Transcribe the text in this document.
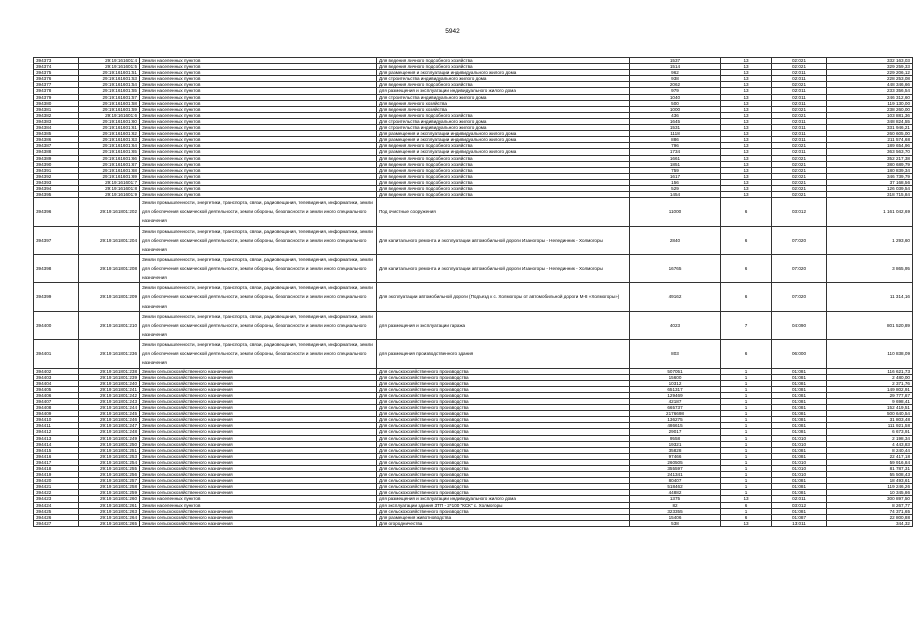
5942
394373	29:19:161601:4	Земли населенных пунктов	Для ведения личного подсобного хозяйства	1537	13	02:021	332 163,03
394374	29:19:161601:5	Земли населенных пунктов	Для ведения личного подсобного хозяйства	1514	13	02:021	329 259,33
394375	29:19:161601:51	Земли населенных пунктов	Для размещения и эксплуатации индивидуального жилого дома	962	13	02:011	229 206,12
394376	29:19:161601:53	Земли населенных пунктов	Для строительства индивидуального жилого дома	938	13	02:011	228 253,08
394377	29:19:161601:54	Земли населенных пунктов	Для ведения личного подсобного хозяйства	2062	13	02:021	448 346,66
394378	29:19:161601:55	Земли населенных пунктов	для размещения и эксплуатации индивидуального жилого дома	979	13	02:011	233 356,54
394379	29:19:161601:57	Земли населенных пунктов	Для строительства индивидуального жилого дома	1040	13	02:011	246 312,60
394380	29:19:161601:58	Земли населенных пунктов	Для ведения личного хозяйства	500	13	02:011	119 130,00
394381	29:19:161601:59	Земли населенных пунктов	Для ведения личного хозяйства	1000	13	02:021	238 260,00
394382	29:19:161601:6	Земли населенных пунктов	Для ведения личного подсобного хозяйства	436	13	02:021	103 881,36
394383	29:19:161601:60	Земли населенных пунктов	Для строительства индивидуального жилого дома	1645	13	02:011	348 824,55
394384	29:19:161601:61	Земли населенных пунктов	Для строительства индивидуального жилого дома	1531	13	02:011	331 946,21
394385	29:19:161601:62	Земли населенных пунктов	Для размещения и эксплуатации индивидуального жилого дома	1118	13	02:011	260 605,00
394386	29:19:161601:63	Земли населенных пунктов	Для размещения и эксплуатации индивидуального жилого дома	886	13	02:011	211 574,68
394387	29:19:161601:64	Земли населенных пунктов	Для ведения личного подсобного хозяйства	796	13	02:021	189 654,96
394388	29:19:161601:65	Земли населенных пунктов	Для размещения и эксплуатации индивидуального жилого дома	1734	13	02:011	363 563,70
394389	29:19:161601:66	Земли населенных пунктов	Для ведения личного подсобного хозяйства	1661	13	02:021	352 217,38
394390	29:19:161601:67	Земли населенных пунктов	Для ведения личного подсобного хозяйства	1851	13	02:021	380 689,79
394391	29:19:161601:68	Земли населенных пунктов	Для ведения личного подсобного хозяйства	759	13	02:021	180 839,34
394392	29:19:161601:69	Земли населенных пунктов	Для ведения личного подсобного хозяйства	1617	13	02:021	346 739,79
394393	29:19:161601:7	Земли населенных пунктов	Для ведения личного подсобного хозяйства	156	13	02:021	37 168,56
394394	29:19:161601:8	Земли населенных пунктов	Для ведения личного подсобного хозяйства	529	13	02:021	126 039,54
394395	29:19:161601:9	Земли населенных пунктов	Для ведения личного подсобного хозяйства	1454	13	02:021	318 715,84
394396	29:19:161801:202	Земли промышленности, энергетики, транспорта, связи, радиовещания, телевидения, информатики, земли для обеспечения космической деятельности, земли обороны, безопасности и земли иного специального назначения	Под очистные сооружения	11000	6	03:012	1 161 042,69
394397	29:19:161801:204	Земли промышленности, энергетики, транспорта, связи, радиовещания, телевидения, информатики, земли для обеспечения космической деятельности, земли обороны, безопасности и земли иного специального назначения	Для капитального ремонта и эксплуатации автомобильной дороги Изаногоры - Нелединник - Холмогоры	2840	6	07:020	1 293,60
394398	29:19:161801:208	Земли промышленности, энергетики, транспорта, связи, радиовещания, телевидения, информатики, земли для обеспечения космической деятельности, земли обороны, безопасности и земли иного специального назначения	Для капитального ремонта и эксплуатации автомобильной дороги Изаногоры - Нелединник - Холмогоры	16765	6	07:020	3 865,95
394399	29:19:161801:209	Земли промышленности, энергетики, транспорта, связи, радиовещания, телевидения, информатики, земли для обеспечения космической деятельности, земли обороны, безопасности и земли иного специального назначения	Для эксплуатации автомобильной дороги (Подъезд к с. Холмогоры от автомобильной дороги М-8 «Холмогоры»)	49162	6	07:020	11 314,16
394400	29:19:161801:210	Земли промышленности, энергетики, транспорта, связи, радиовещания, телевидения, информатики, земли для обеспечения космической деятельности, земли обороны, безопасности и земли иного специального назначения	для размещения и эксплуатации гаража	4023	7	04:090	801 520,89
394401	29:19:161801:236	Земли промышленности, энергетики, транспорта, связи, радиовещания, телевидения, информатики, земли для обеспечения космической деятельности, земли обороны, безопасности и земли иного специального назначения	для размещения производственного здания	803	6	06:000	110 838,09
394402	29:19:161801:238	Земли сельскохозяйственного назначения	Для сельскохозяйственного производства	507051	1	01:081	116 621,73
394403	29:19:161801:239	Земли сельскохозяйственного назначения	Для сельскохозяйственного производства	15600	1	01:081	2 480,00
394404	29:19:161801:240	Земли сельскохозяйственного назначения	Для сельскохозяйственного производства	10312	1	01:081	2 371,76
394405	29:19:161801:241	Земли сельскохозяйственного назначения	Для сельскохозяйственного производства	651317	1	01:081	149 802,91
394406	29:19:161801:242	Земли сельскохозяйственного назначения	Для сельскохозяйственного производства	129469	1	01:081	29 777,87
394407	29:19:161801:243	Земли сельскохозяйственного назначения	Для сельскохозяйственного производства	42187	1	01:081	9 698,41
394408	29:19:161801:244	Земли сельскохозяйственного назначения	Для сельскохозяйственного производства	665737	1	01:081	152 419,51
394409	29:19:161801:245	Земли сельскохозяйственного назначения	Для сельскохозяйственного производства	2176698	1	01:081	500 640,54
394410	29:19:161801:246	Земли сельскохозяйственного назначения	Для сельскохозяйственного производства	136275	1	01:081	31 803,48
394411	29:19:161801:247	Земли сельскохозяйственного назначения	Для сельскохозяйственного производства	486615	1	01:081	111 921,58
394412	29:19:161801:248	Земли сельскохозяйственного назначения	Для сельскохозяйственного производства	29017	1	01:081	6 673,91
394413	29:19:161801:249	Земли сельскохозяйственного назначения	Для сельскохозяйственного производства	9558	1	01:010	2 198,34
394414	29:19:161801:250	Земли сельскохозяйственного назначения	Для сельскохозяйственного производства	19321	1	01:010	4 443,83
394415	29:19:161801:251	Земли сельскохозяйственного назначения	Для сельскохозяйственного производства	35828	1	01:081	8 240,44
394416	29:19:161801:253	Земли сельскохозяйственного назначения	Для сельскохозяйственного производства	97466	1	01:081	22 417,18
394417	29:19:161801:254	Земли сельскохозяйственного назначения	Для сельскохозяйственного производства	260505	1	01:010	59 916,84
394418	29:19:161801:255	Земли сельскохозяйственного назначения	Для сельскохозяйственного производства	355597	1	01:010	81 787,31
394419	29:19:161801:256	Земли сельскохозяйственного назначения	Для сельскохозяйственного производства	241341	1	01:010	55 508,43
394420	29:19:161801:257	Земли сельскохозяйственного назначения	Для сельскохозяйственного производства	80407	1	01:081	18 493,61
394421	29:19:161801:258	Земли сельскохозяйственного назначения	Для сельскохозяйственного производства	518462	1	01:081	119 246,26
394422	29:19:161801:259	Земли сельскохозяйственного назначения	Для сельскохозяйственного производства	44882	1	01:081	10 345,86
394423	29:19:161801:260	Земли населенных пунктов	для размещения и эксплуатации индивидуального жилого дома	1375	13	02:011	300 897,50
394424	29:19:161801:261	Земли населенных пунктов	для эксплуатации здания ЗТП - 2*100 "КСК" с. Холмогоры	82	6	03:012	8 267,77
394425	29:19:161801:263	Земли сельскохозяйственного назначения	Для сельскохозяйственного производства	323355	1	01:081	74 371,65
394426	29:19:161801:264	Земли сельскохозяйственного назначения	Для размещения животноводства	15406	6	01:087	22 800,88
394427	29:19:161801:265	Земли сельскохозяйственного назначения	Для огородничества	538	13	13:011	344,32
